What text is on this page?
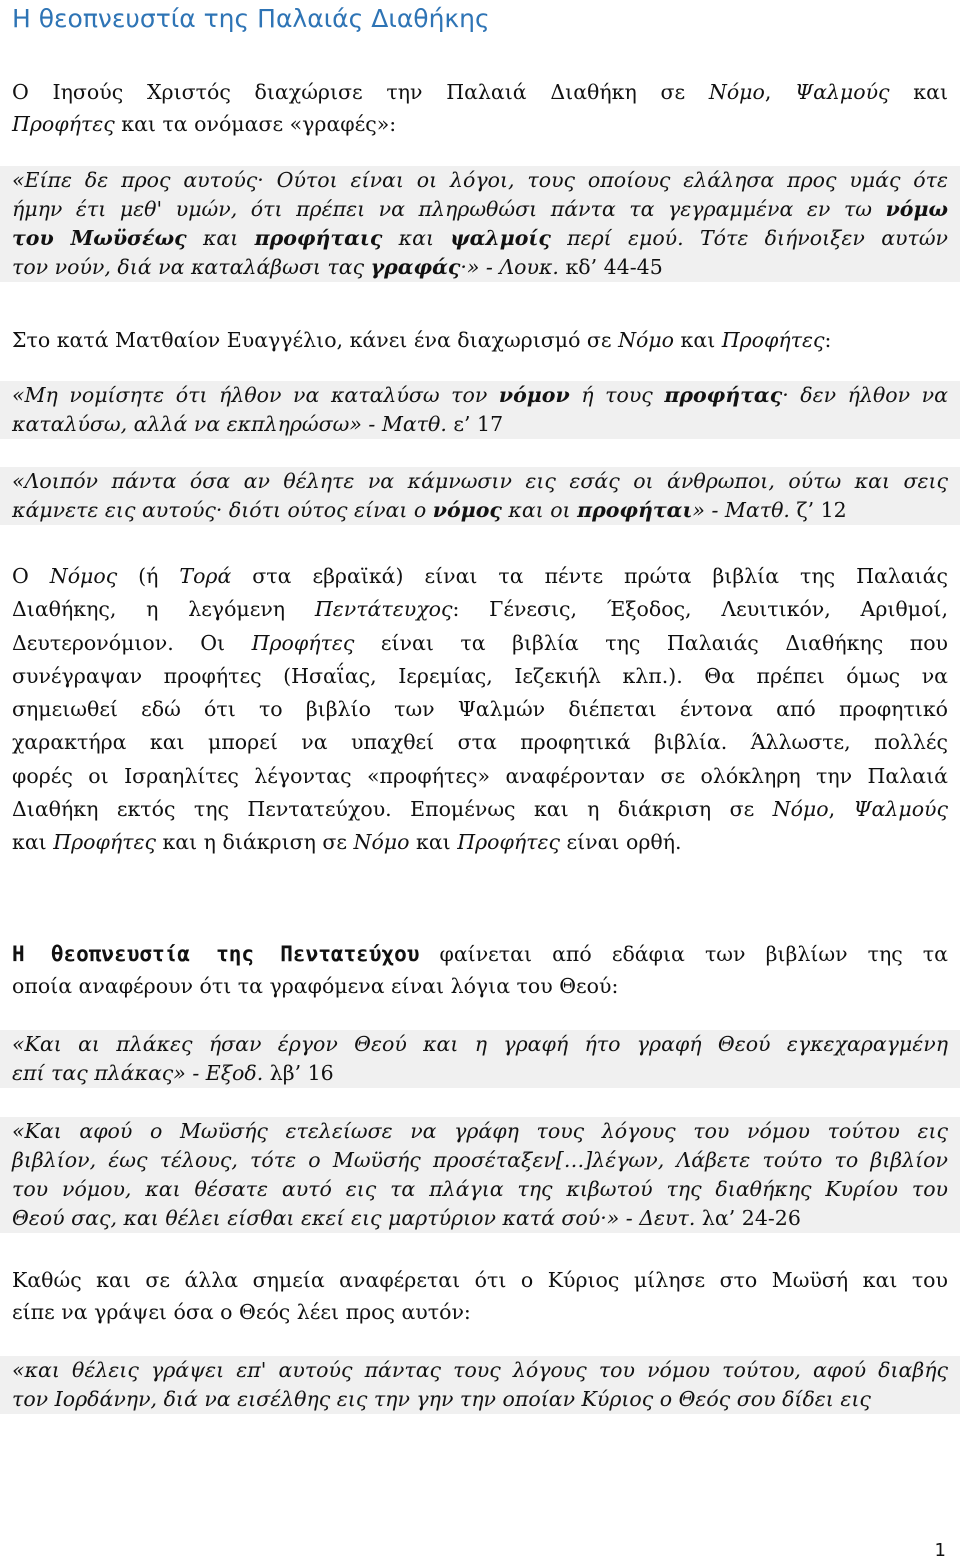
Η θεοπνευστία της Παλαιάς Διαθήκης
Ο Ιησούς Χριστός διαχώρισε την Παλαιά Διαθήκη σε Νόμο, Ψαλμούς και
Προφήτες και τα ονόμασε «γραφές»:
«Είπε δε προς αυτούς· Ούτοι είναι οι λόγοι, τους οποίους ελάλησα προς υμάς ότε
ήμην έτι μεθ' υμών, ότι πρέπει να πληρωθώσι πάντα τα γεγραμμένα εν τω νόμω
του Μωϋσέως και προφήταις και ψαλμοίς περί εμού. Τότε διήνοιξεν αυτών
τον νούν, διά να καταλάβωσι τας γραφάς·» - Λουκ. κδ’ 44-45
Στο κατά Ματθαίον Ευαγγέλιο, κάνει ένα διαχωρισμό σε Νόμο και Προφήτες:
«Μη νομίσητε ότι ήλθον να καταλύσω τον νόμον ή τους προφήτας· δεν ήλθον να
καταλύσω, αλλά να εκπληρώσω» - Ματθ. ε’ 17
«Λοιπόν πάντα όσα αν θέλητε να κάμνωσιν εις εσάς οι άνθρωποι, ούτω και σεις
κάμνετε εις αυτούς· διότι ούτος είναι ο νόμος και οι προφήται» - Ματθ. ζ’ 12
Ο Νόμος (ή Τορά στα εβραϊκά) είναι τα πέντε πρώτα βιβλία της Παλαιάς
Διαθήκης, η λεγόμενη Πεντάτευχος: Γένεσις, Έξοδος, Λευιτικόν, Αριθμοί,
Δευτερονόμιον. Οι Προφήτες είναι τα βιβλία της Παλαιάς Διαθήκης που
συνέγραψαν προφήτες (Ησαΐας, Ιερεμίας, Ιεζεκιήλ κλπ.). Θα πρέπει όμως να
σημειωθεί εδώ ότι το βιβλίο των Ψαλμών διέπεται έντονα από προφητικό
χαρακτήρα και μπορεί να υπαχθεί στα προφητικά βιβλία. Άλλωστε, πολλές
φορές οι Ισραηλίτες λέγοντας «προφήτες» αναφέρονταν σε ολόκληρη την Παλαιά
Διαθήκη εκτός της Πεντατεύχου. Επομένως και η διάκριση σε Νόμο, Ψαλμούς
και Προφήτες και η διάκριση σε Νόμο και Προφήτες είναι ορθή.
Η θεοπνευστία της Πεντατεύχου φαίνεται από εδάφια των βιβλίων της τα
οποία αναφέρουν ότι τα γραφόμενα είναι λόγια του Θεού:
«Και αι πλάκες ήσαν έργον Θεού και η γραφή ήτο γραφή Θεού εγκεχαραγμένη
επί τας πλάκας» - Εξοδ. λβ’ 16
«Και αφού ο Μωϋσής ετελείωσε να γράφη τους λόγους του νόμου τούτου εις
βιβλίον, έως τέλους, τότε ο Μωϋσής προσέταξεν[…]λέγων, Λάβετε τούτο το βιβλίον
του νόμου, και θέσατε αυτό εις τα πλάγια της κιβωτού της διαθήκης Κυρίου του
Θεού σας, και θέλει είσθαι εκεί εις μαρτύριον κατά σού·» - Δευτ. λα’ 24-26
Καθώς και σε άλλα σημεία αναφέρεται ότι ο Κύριος μίλησε στο Μωϋσή και του
είπε να γράψει όσα ο Θεός λέει προς αυτόν:
«και θέλεις γράψει επ' αυτούς πάντας τους λόγους του νόμου τούτου, αφού διαβής
τον Ιορδάνην, διά να εισέλθης εις την γην την οποίαν Κύριος ο Θεός σου δίδει εις
1
